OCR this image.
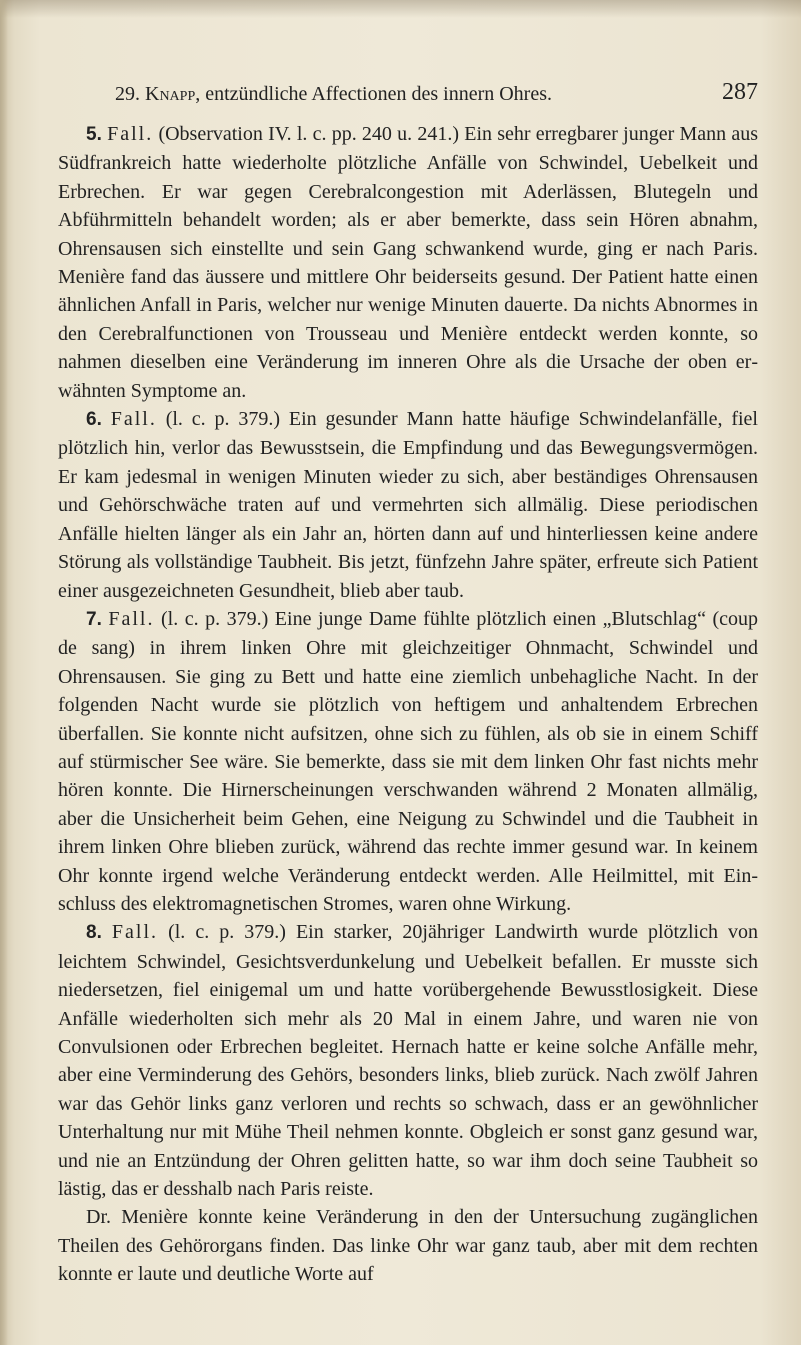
29. Knapp, entzündliche Affectionen des innern Ohres.	287

5. Fall. (Observation IV. l. c. pp. 240 u. 241.) Ein sehr erregbarer junger Mann aus Südfrankreich hatte wiederholte plötzliche Anfälle von Schwindel, Uebelkeit und Erbrechen. Er war gegen Cerebralcongestion mit Aderlässen, Blutegeln und Abführmitteln behandelt worden; als er aber bemerkte, dass sein Hören abnahm, Ohrensausen sich einstellte und sein Gang schwankend wurde, ging er nach Paris. Menière fand das äussere und mittlere Ohr beiderseits gesund. Der Patient hatte einen ähnlichen Anfall in Paris, welcher nur wenige Minuten dauerte. Da nichts Abnormes in den Cerebralfunctionen von Trousseau und Menière entdeckt werden konnte, so nahmen dieselben eine Veränderung im inneren Ohre als die Ursache der oben erwähnten Symptome an.

6. Fall. (l. c. p. 379.) Ein gesunder Mann hatte häufige Schwindelanfälle, fiel plötzlich hin, verlor das Bewusstsein, die Empfindung und das Bewegungsvermögen. Er kam jedesmal in wenigen Minuten wieder zu sich, aber beständiges Ohrensausen und Gehörschwäche traten auf und vermehrten sich allmälig. Diese periodischen Anfälle hielten länger als ein Jahr an, hörten dann auf und hinterliessen keine andere Störung als vollständige Taubheit. Bis jetzt, fünfzehn Jahre später, erfreute sich Patient einer ausgezeichneten Gesundheit, blieb aber taub.

7. Fall. (l. c. p. 379.) Eine junge Dame fühlte plötzlich einen „Blutschlag“ (coup de sang) in ihrem linken Ohre mit gleichzeitiger Ohnmacht, Schwindel und Ohrensausen. Sie ging zu Bett und hatte eine ziemlich unbehagliche Nacht. In der folgenden Nacht wurde sie plötzlich von heftigem und anhaltendem Erbrechen überfallen. Sie konnte nicht aufsitzen, ohne sich zu fühlen, als ob sie in einem Schiff auf stürmischer See wäre. Sie bemerkte, dass sie mit dem linken Ohr fast nichts mehr hören konnte. Die Hirnerscheinungen verschwanden während 2 Monaten allmälig, aber die Unsicherheit beim Gehen, eine Neigung zu Schwindel und die Taubheit in ihrem linken Ohre blieben zurück, während das rechte immer gesund war. In keinem Ohr konnte irgend welche Veränderung entdeckt werden. Alle Heilmittel, mit Einschluss des elektromagnetischen Stromes, waren ohne Wirkung.

8. Fall. (l. c. p. 379.) Ein starker, 20jähriger Landwirth wurde plötzlich von leichtem Schwindel, Gesichtsverdunkelung und Uebelkeit befallen. Er musste sich niedersetzen, fiel einigemal um und hatte vorübergehende Bewusstlosigkeit. Diese Anfälle wiederholten sich mehr als 20 Mal in einem Jahre, und waren nie von Convulsionen oder Erbrechen begleitet. Hernach hatte er keine solche Anfälle mehr, aber eine Verminderung des Gehörs, besonders links, blieb zurück. Nach zwölf Jahren war das Gehör links ganz verloren und rechts so schwach, dass er an gewöhnlicher Unterhaltung nur mit Mühe Theil nehmen konnte. Obgleich er sonst ganz gesund war, und nie an Entzündung der Ohren gelitten hatte, so war ihm doch seine Taubheit so lästig, das er desshalb nach Paris reiste.

Dr. Menière konnte keine Veränderung in den der Untersuchung zugänglichen Theilen des Gehörorgans finden. Das linke Ohr war ganz taub, aber mit dem rechten konnte er laute und deutliche Worte auf
